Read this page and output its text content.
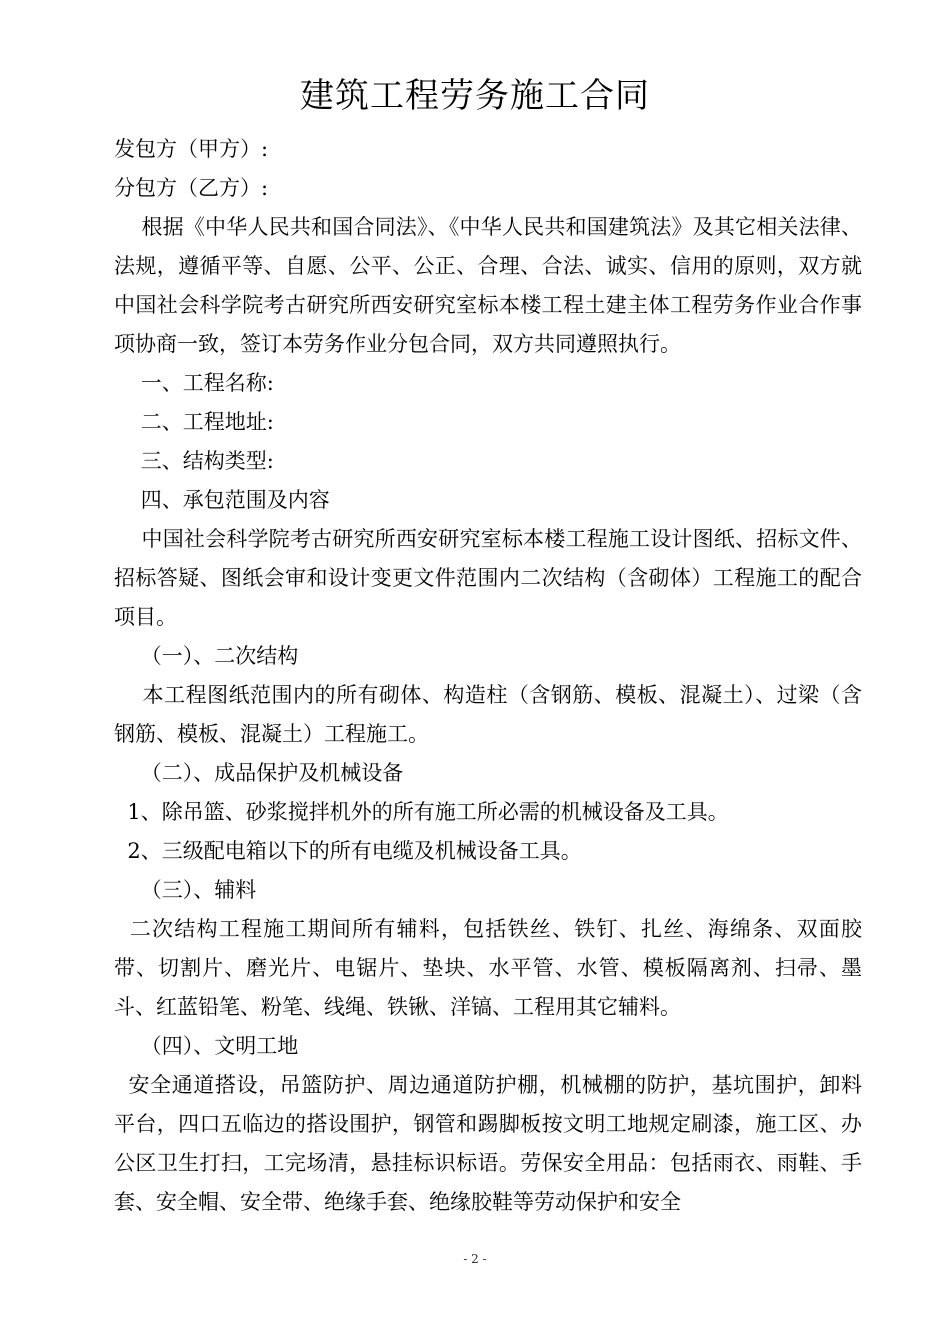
建筑工程劳务施工合同
发包方（甲方）:
分包方（乙方）:
根据《中华人民共和国合同法》、《中华人民共和国建筑法》及其它相关法律、法规，遵循平等、自愿、公平、公正、合理、合法、诚实、信用的原则，双方就中国社会科学院考古研究所西安研究室标本楼工程土建主体工程劳务作业合作事项协商一致，签订本劳务作业分包合同，双方共同遵照执行。
一、工程名称:
二、工程地址:
三、结构类型:
四、承包范围及内容
中国社会科学院考古研究所西安研究室标本楼工程施工设计图纸、招标文件、招标答疑、图纸会审和设计变更文件范围内二次结构（含砌体）工程施工的配合项目。
（一）、二次结构
本工程图纸范围内的所有砌体、构造柱（含钢筋、模板、混凝土）、过梁（含钢筋、模板、混凝土）工程施工。
（二）、成品保护及机械设备
1、除吊篮、砂浆搅拌机外的所有施工所必需的机械设备及工具。
2、三级配电箱以下的所有电缆及机械设备工具。
（三）、辅料
二次结构工程施工期间所有辅料，包括铁丝、铁钉、扎丝、海绵条、双面胶带、切割片、磨光片、电锯片、垫块、水平管、水管、模板隔离剂、扫帚、墨斗、红蓝铅笔、粉笔、线绳、铁锹、洋镐、工程用其它辅料。
（四）、文明工地
安全通道搭设，吊篮防护、周边通道防护棚，机械棚的防护，基坑围护，卸料平台，四口五临边的搭设围护，钢管和踢脚板按文明工地规定刷漆，施工区、办公区卫生打扫，工完场清，悬挂标识标语。劳保安全用品：包括雨衣、雨鞋、手套、安全帽、安全带、绝缘手套、绝缘胶鞋等劳动保护和安全
- 2 -
